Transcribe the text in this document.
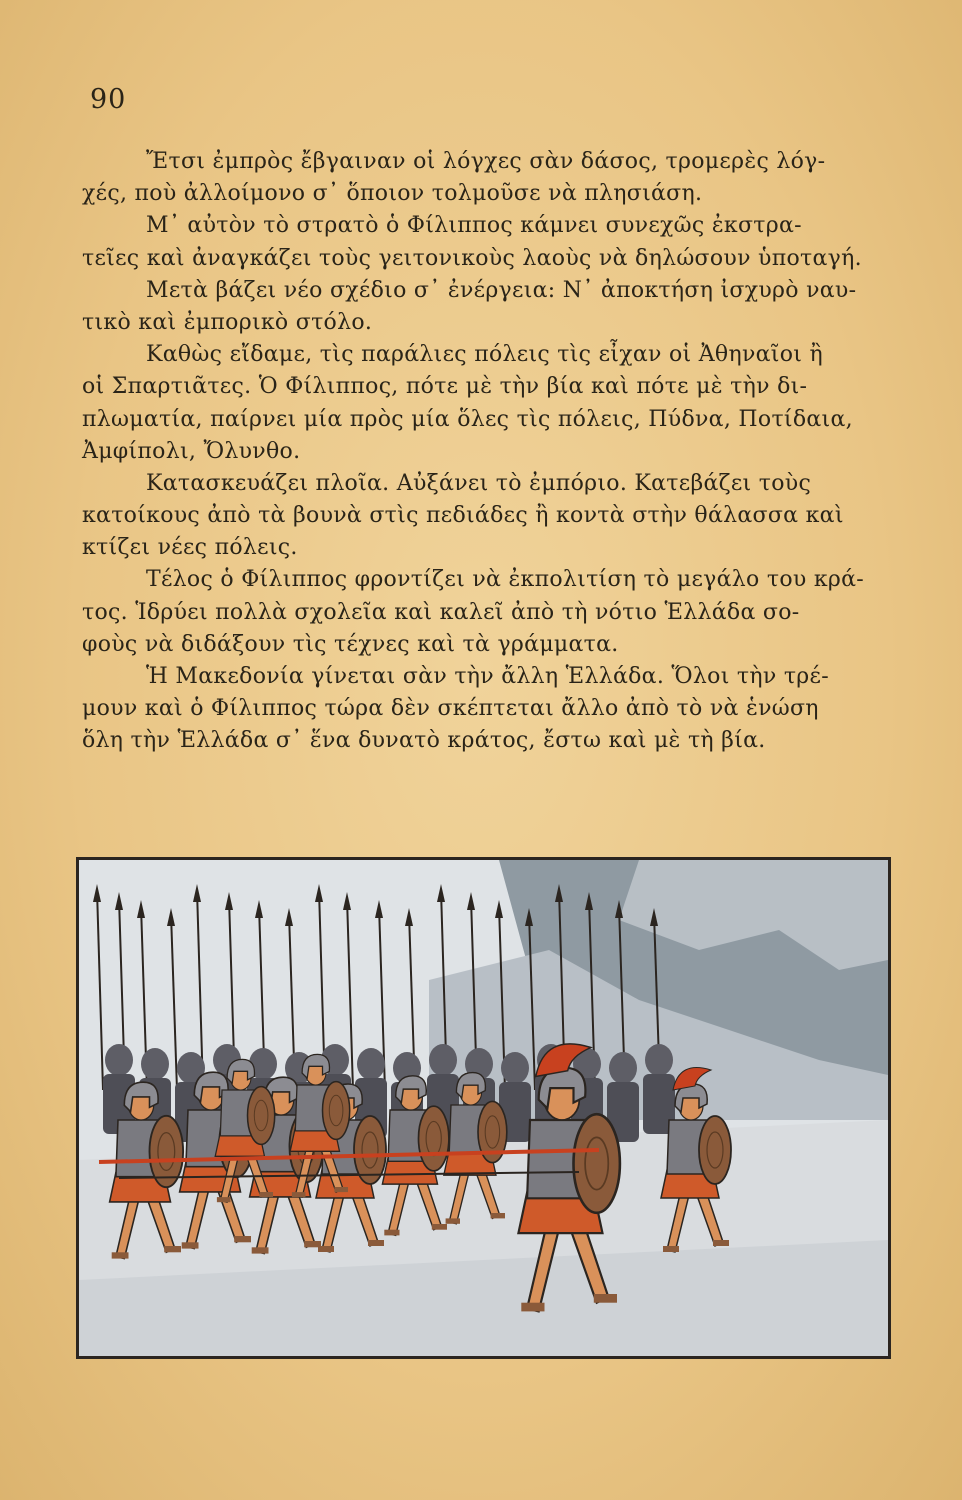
90
Ἔτσι ἐμπρὸς ἔβγαιναν οἱ λόγχες σὰν δάσος, τρομερὲς λόγ-
χές, ποὺ ἀλλοίμονο σ᾽ ὅποιον τολμοῦσε νὰ πλησιάση.
Μ᾽ αὐτὸν τὸ στρατὸ ὁ Φίλιππος κάμνει συνεχῶς ἐκστρα-
τεῖες καὶ ἀναγκάζει τοὺς γειτονικοὺς λαοὺς νὰ δηλώσουν ὑποταγή.
Μετὰ βάζει νέο σχέδιο σ᾽ ἐνέργεια: Ν᾽ ἀποκτήση ἰσχυρὸ ναυ-
τικὸ καὶ ἐμπορικὸ στόλο.
Καθὼς εἴδαμε, τὶς παράλιες πόλεις τὶς εἶχαν οἱ Ἀθηναῖοι ἢ
οἱ Σπαρτιᾶτες. Ὁ Φίλιππος, πότε μὲ τὴν βία καὶ πότε μὲ τὴν δι-
πλωματία, παίρνει μία πρὸς μία ὅλες τὶς πόλεις, Πύδνα, Ποτίδαια,
Ἀμφίπολι, Ὄλυνθο.
Κατασκευάζει πλοῖα. Αὐξάνει τὸ ἐμπόριο. Κατεβάζει τοὺς
κατοίκους ἀπὸ τὰ βουνὰ στὶς πεδιάδες ἢ κοντὰ στὴν θάλασσα καὶ
κτίζει νέες πόλεις.
Τέλος ὁ Φίλιππος φροντίζει νὰ ἐκπολιτίση τὸ μεγάλο του κρά-
τος. Ἱδρύει πολλὰ σχολεῖα καὶ καλεῖ ἀπὸ τὴ νότιο Ἑλλάδα σο-
φοὺς νὰ διδάξουν τὶς τέχνες καὶ τὰ γράμματα.
Ἡ Μακεδονία γίνεται σὰν τὴν ἄλλη Ἑλλάδα. Ὅλοι τὴν τρέ-
μουν καὶ ὁ Φίλιππος τώρα δὲν σκέπτεται ἄλλο ἀπὸ τὸ νὰ ἑνώση
ὅλη τὴν Ἑλλάδα σ᾽ ἕνα δυνατὸ κράτος, ἔστω καὶ μὲ τὴ βία.
